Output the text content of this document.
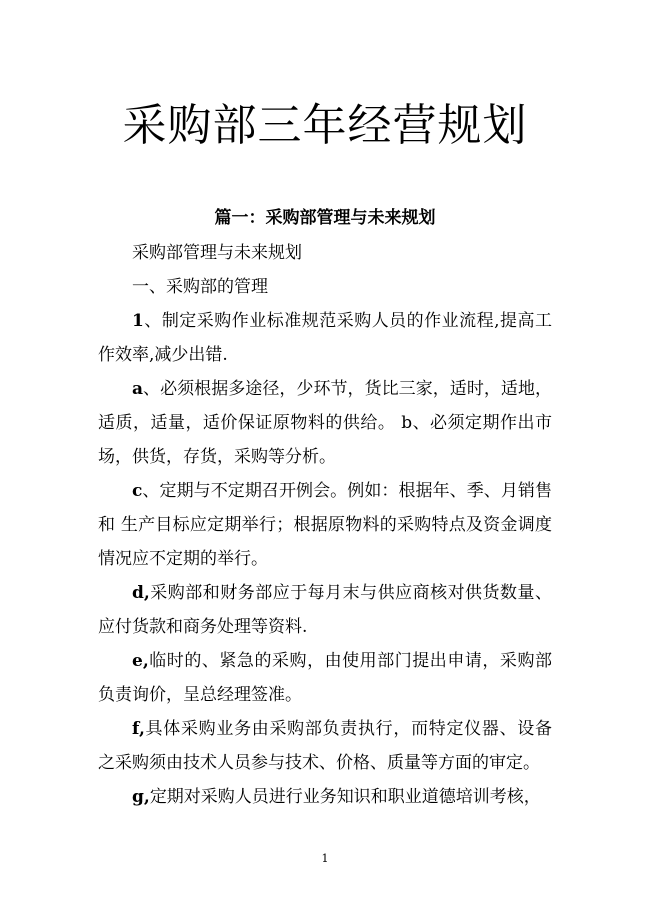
采购部三年经营规划
篇一：采购部管理与未来规划

采购部管理与未来规划

一、采购部的管理

1、制定采购作业标准规范采购人员的作业流程,提高工作效率,减少出错.

a、必须根据多途径，少环节，货比三家，适时，适地，适质，适量，适价保证原物料的供给。 b、必须定期作出市场，供货，存货，采购等分析。

c、定期与不定期召开例会。例如：根据年、季、月销售和 生产目标应定期举行；根据原物料的采购特点及资金调度情况应不定期的举行。

d,采购部和财务部应于每月末与供应商核对供货数量、应付货款和商务处理等资料.

e,临时的、紧急的采购，由使用部门提出申请，采购部负责询价，呈总经理签准。

f,具体采购业务由采购部负责执行，而特定仪器、设备之采购须由技术人员参与技术、价格、质量等方面的审定。

g,定期对采购人员进行业务知识和职业道德培训考核，

1
